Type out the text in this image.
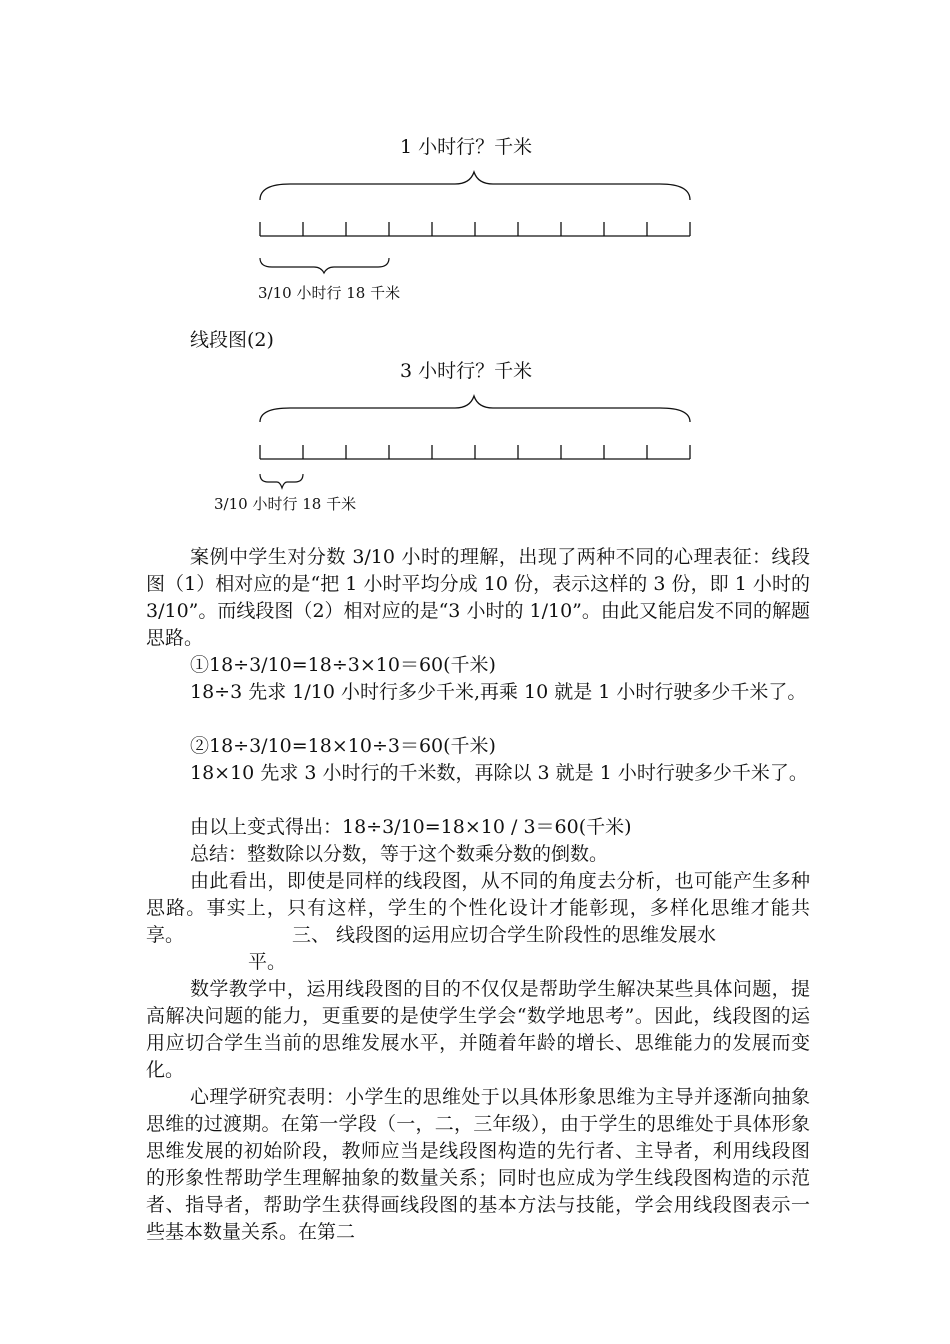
1 小时行？千米
3/10 小时行 18 千米
线段图(2)
3 小时行？千米
3/10 小时行 18 千米

案例中学生对分数 3/10 小时的理解，出现了两种不同的心理表征：线段图（1）相对应的是“把 1 小时平均分成 10 份，表示这样的 3 份，即 1 小时的 3/10”。而线段图（2）相对应的是“3 小时的 1/10”。由此又能启发不同的解题思路。

①18÷3/10=18÷3×10＝60(千米)

18÷3 先求 1/10 小时行多少千米,再乘 10 就是 1 小时行驶多少千米了。

②18÷3/10=18×10÷3＝60(千米)

18×10 先求 3 小时行的千米数，再除以 3 就是 1 小时行驶多少千米了。

由以上变式得出：18÷3/10=18×10 / 3＝60(千米)
总结：整数除以分数，等于这个数乘分数的倒数。

由此看出，即使是同样的线段图，从不同的角度去分析，也可能产生多种思路。事实上，只有这样，学生的个性化设计才能彰现，多样化思维才能共享。	三、 线段图的运用应切合学生阶段性的思维发展水
平。

数学教学中，运用线段图的目的不仅仅是帮助学生解决某些具体问题，提高解决问题的能力，更重要的是使学生学会“数学地思考”。因此，线段图的运用应切合学生当前的思维发展水平，并随着年龄的增长、思维能力的发展而变化。

心理学研究表明：小学生的思维处于以具体形象思维为主导并逐渐向抽象思维的过渡期。在第一学段（一，二，三年级），由于学生的思维处于具体形象思维发展的初始阶段，教师应当是线段图构造的先行者、主导者，利用线段图的形象性帮助学生理解抽象的数量关系；同时也应成为学生线段图构造的示范者、指导者，帮助学生获得画线段图的基本方法与技能，学会用线段图表示一些基本数量关系。在第二
